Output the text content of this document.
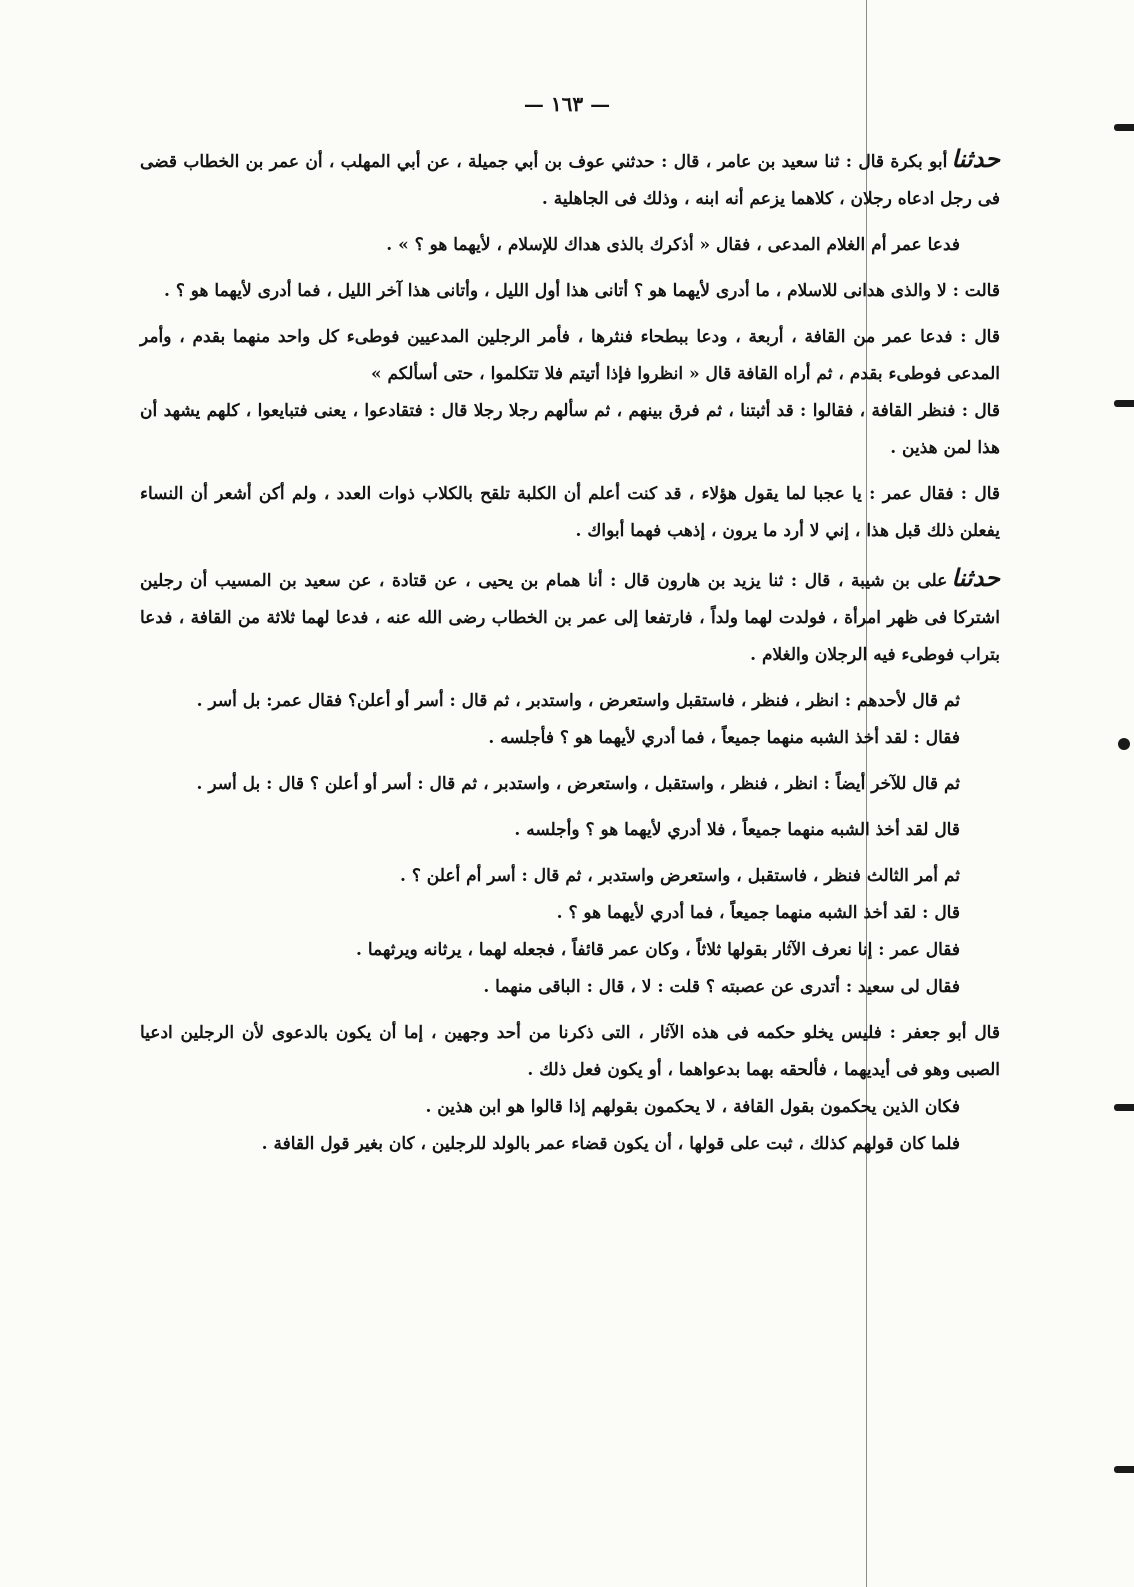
— ١٦٣ —

حدثناأبو بكرة قال : ثنا سعيد بن عامر ، قال : حدثني عوف بن أبي جميلة ، عن أبي المهلب ، أن عمر بن الخطاب قضى فى رجل ادعاه رجلان ، كلاهما يزعم أنه ابنه ، وذلك فى الجاهلية .

فدعا عمر أم الغلام المدعى ، فقال « أذكرك بالذى هداك للإسلام ، لأيهما هو ؟ » .

قالت : لا والذى هدانى للاسلام ، ما أدرى لأيهما هو ؟ أتانى هذا أول الليل ، وأتانى هذا آخر الليل ، فما أدرى لأيهما هو ؟ .

قال : فدعا عمر من القافة ، أربعة ، ودعا ببطحاء فنثرها ، فأمر الرجلين المدعيين فوطىء كل واحد منهما بقدم ، وأمر المدعى فوطىء بقدم ، ثم أراه القافة قال « انظروا فإذا أتيتم فلا تتكلموا ، حتى أسألكم »

قال : فنظر القافة ، فقالوا : قد أثبتنا ، ثم فرق بينهم ، ثم سألهم رجلا رجلا قال : فتقادعوا ، يعنى فتبايعوا ، كلهم يشهد أن هذا لمن هذين .

قال : فقال عمر : يا عجبا لما يقول هؤلاء ، قد كنت أعلم أن الكلبة تلقح بالكلاب ذوات العدد ، ولم أكن أشعر أن النساء يفعلن ذلك قبل هذا ، إني لا أرد ما يرون ، إذهب فهما أبواك .

حدثناعلى بن شيبة ، قال : ثنا يزيد بن هارون قال : أنا همام بن يحيى ، عن قتادة ، عن سعيد بن المسيب أن رجلين اشتركا فى ظهر امرأة ، فولدت لهما ولداً ، فارتفعا إلى عمر بن الخطاب رضى الله عنه ، فدعا لهما ثلاثة من القافة ، فدعا بتراب فوطىء فيه الرجلان والغلام .

ثم قال لأحدهم : انظر ، فنظر ، فاستقبل واستعرض ، واستدبر ، ثم قال : أسر أو أعلن؟ فقال عمر: بل أسر .

فقال : لقد أخذ الشبه منهما جميعاً ، فما أدري لأيهما هو ؟ فأجلسه .

ثم قال للآخر أيضاً : انظر ، فنظر ، واستقبل ، واستعرض ، واستدبر ، ثم قال : أسر أو أعلن ؟ قال : بل أسر .

قال لقد أخذ الشبه منهما جميعاً ، فلا أدري لأيهما هو ؟ وأجلسه .

ثم أمر الثالث فنظر ، فاستقبل ، واستعرض واستدبر ، ثم قال : أسر أم أعلن ؟ .

قال : لقد أخذ الشبه منهما جميعاً ، فما أدري لأيهما هو ؟ .

فقال عمر : إنا نعرف الآثار بقولها ثلاثاً ، وكان عمر قائفاً ، فجعله لهما ، يرثانه ويرثهما .

فقال لى سعيد : أتدرى عن عصبته ؟ قلت : لا ، قال : الباقى منهما .

قال أبو جعفر : فليس يخلو حكمه فى هذه الآثار ، التى ذكرنا من أحد وجهين ، إما أن يكون بالدعوى لأن الرجلين ادعيا الصبى وهو فى أيديهما ، فألحقه بهما بدعواهما ، أو يكون فعل ذلك .

فكان الذين يحكمون بقول القافة ، لا يحكمون بقولهم إذا قالوا هو ابن هذين .

فلما كان قولهم كذلك ، ثبت على قولها ، أن يكون قضاء عمر بالولد للرجلين ، كان بغير قول القافة .
